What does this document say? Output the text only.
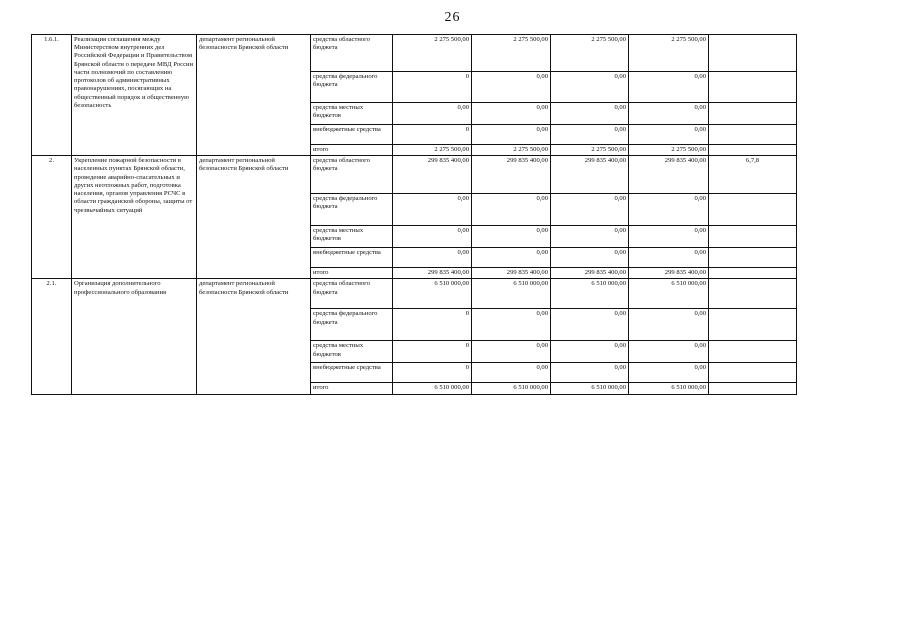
26
1.6.1.	Реализация соглашения между Министерством внутренних дел Российской Федерации и Правительством Брянской области о передаче МВД России части полномочий по составлению протоколов об административных правонарушениях, посягающих на общественный порядок и общественную безопасность	департамент региональной безопасности Брянской области	средства областного бюджета	2 275 500,00	2 275 500,00	2 275 500,00	2 275 500,00	
			средства федерального бюджета	0	0,00	0,00	0,00	
			средства местных бюджетов	0,00	0,00	0,00	0,00	
			внебюджетные средства	0	0,00	0,00	0,00	
			итого	2 275 500,00	2 275 500,00	2 275 500,00	2 275 500,00	
2.	Укрепление пожарной безопасности в населенных пунктах Брянской области, проведение аварийно-спасательных и других неотложных работ, подготовка населения, органов управления РСЧС в области гражданской обороны, защиты от чрезвычайных ситуаций	департамент региональной безопасности Брянской области	средства областного бюджета	299 835 400,00	299 835 400,00	299 835 400,00	299 835 400,00	6,7,8
			средства федерального бюджета	0,00	0,00	0,00	0,00	
			средства местных бюджетов	0,00	0,00	0,00	0,00	
			внебюджетные средства	0,00	0,00	0,00	0,00	
			итого	299 835 400,00	299 835 400,00	299 835 400,00	299 835 400,00	
2.1.	Организация дополнительного профессионального образования	департамент региональной безопасности Брянской области	средства областного бюджета	6 510 000,00	6 510 000,00	6 510 000,00	6 510 000,00	
			средства федерального бюджета	0	0,00	0,00	0,00	
			средства местных бюджетов	0	0,00	0,00	0,00	
			внебюджетные средства	0	0,00	0,00	0,00	
			итого	6 510 000,00	6 510 000,00	6 510 000,00	6 510 000,00	
